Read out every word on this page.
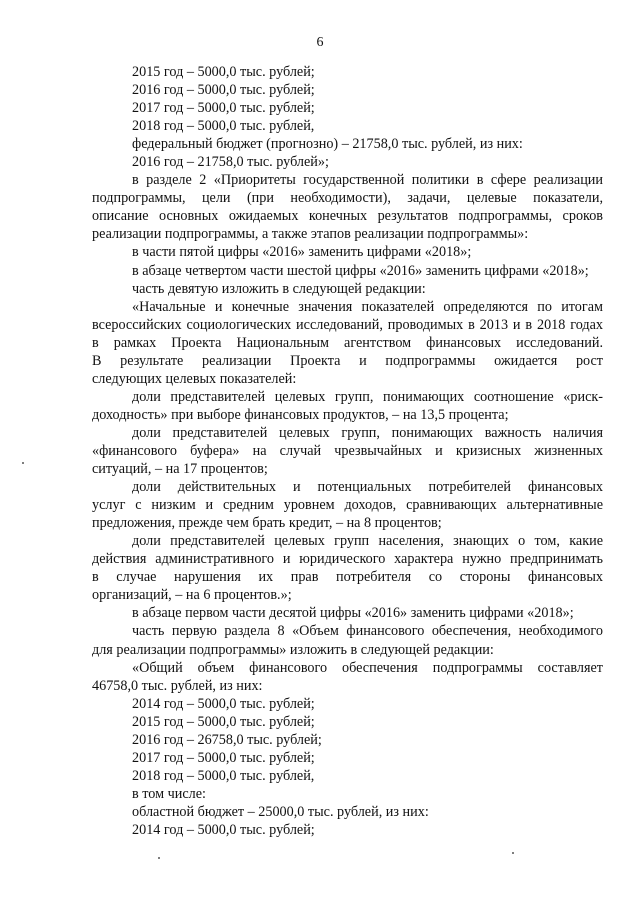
6
2015 год – 5000,0 тыс. рублей;
2016 год – 5000,0 тыс. рублей;
2017 год – 5000,0 тыс. рублей;
2018 год – 5000,0 тыс. рублей,
федеральный бюджет (прогнозно) – 21758,0 тыс. рублей, из них:
2016 год – 21758,0 тыс. рублей»;
в разделе 2 «Приоритеты государственной политики в сфере реализации
подпрограммы, цели (при необходимости), задачи, целевые показатели,
описание основных ожидаемых конечных результатов подпрограммы, сроков
реализации подпрограммы, а также этапов реализации подпрограммы»:
в части пятой цифры «2016» заменить цифрами «2018»;
в абзаце четвертом части шестой цифры «2016» заменить цифрами «2018»;
часть девятую изложить в следующей редакции:
«Начальные и конечные значения показателей определяются по итогам
всероссийских социологических исследований, проводимых в 2013 и в 2018 годах
в рамках Проекта Национальным агентством финансовых исследований.
В результате реализации Проекта и подпрограммы ожидается рост
следующих целевых показателей:
доли представителей целевых групп, понимающих соотношение «риск-
доходность» при выборе финансовых продуктов, – на 13,5 процента;
доли представителей целевых групп, понимающих важность наличия
«финансового буфера» на случай чрезвычайных и кризисных жизненных
ситуаций, – на 17 процентов;
доли действительных и потенциальных потребителей финансовых
услуг с низким и средним уровнем доходов, сравнивающих альтернативные
предложения, прежде чем брать кредит, – на 8 процентов;
доли представителей целевых групп населения, знающих о том, какие
действия административного и юридического характера нужно предпринимать
в случае нарушения их прав потребителя со стороны финансовых
организаций, – на 6 процентов.»;
в абзаце первом части десятой цифры «2016» заменить цифрами «2018»;
часть первую раздела 8 «Объем финансового обеспечения, необходимого
для реализации подпрограммы» изложить в следующей редакции:
«Общий объем финансового обеспечения подпрограммы составляет
46758,0 тыс. рублей, из них:
2014 год – 5000,0 тыс. рублей;
2015 год – 5000,0 тыс. рублей;
2016 год – 26758,0 тыс. рублей;
2017 год – 5000,0 тыс. рублей;
2018 год – 5000,0 тыс. рублей,
в том числе:
областной бюджет – 25000,0 тыс. рублей, из них:
2014 год – 5000,0 тыс. рублей;
